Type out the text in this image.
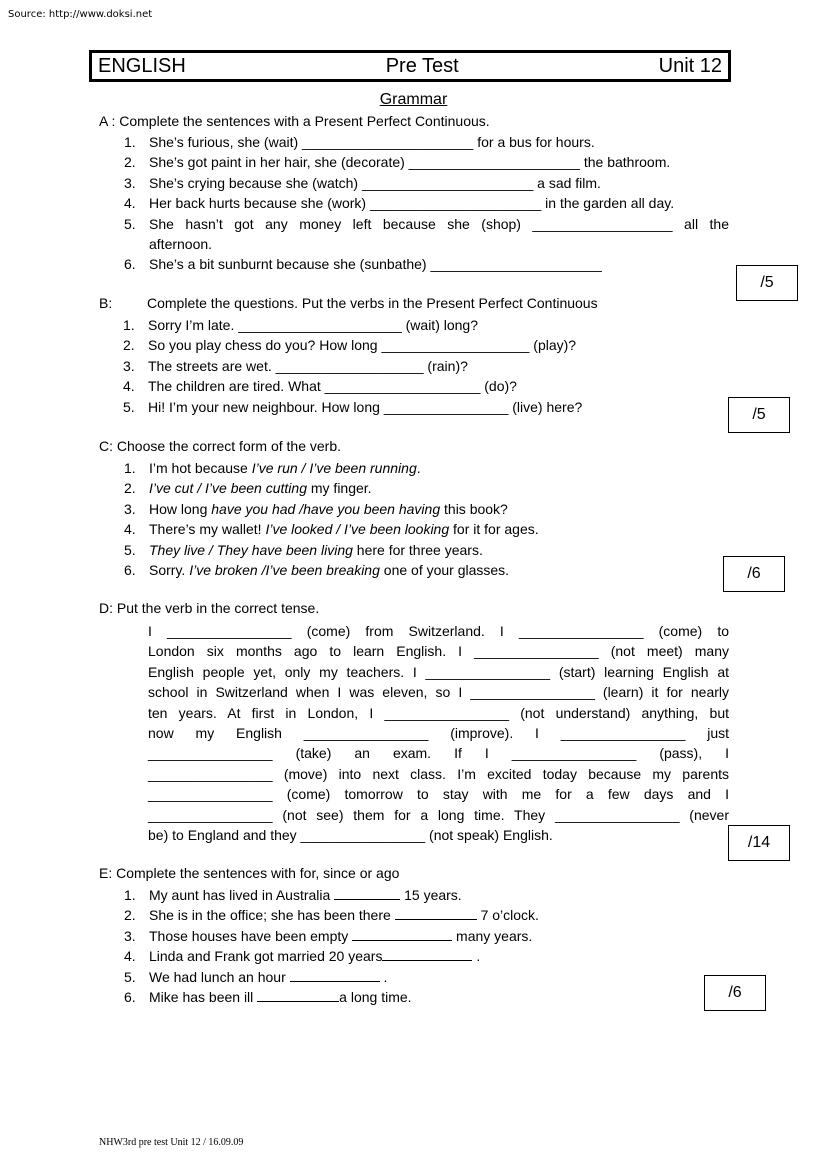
Source: http://www.doksi.net
ENGLISH	Pre Test	Unit 12
Grammar
A : Complete the sentences with a Present Perfect Continuous.
1. She’s furious, she (wait) ______________________ for a bus for hours.
2. She’s got paint in her hair, she (decorate) ______________________ the bathroom.
3. She’s crying because she (watch) ______________________ a sad film.
4. Her back hurts because she (work) ______________________ in the garden all day.
5. She hasn’t got any money left because she (shop) __________________ all the
afternoon.
6. She’s a bit sunburnt because she (sunbathe) ______________________
/5
B: Complete the questions. Put the verbs in the Present Perfect Continuous
1. Sorry I’m late. _____________________ (wait) long?
2. So you play chess do you? How long ___________________ (play)?
3. The streets are wet. ___________________ (rain)?
4. The children are tired. What ____________________ (do)?
5. Hi! I’m your new neighbour. How long ________________ (live) here?	/5
C: Choose the correct form of the verb.
1. I’m hot because I’ve run / I’ve been running.
2. I’ve cut / I’ve been cutting my finger.
3. How long have you had /have you been having this book?
4. There’s my wallet! I’ve looked / I’ve been looking for it for ages.
5. They live / They have been living here for three years.
6. Sorry. I’ve broken /I’ve been breaking one of your glasses.	/6
D: Put the verb in the correct tense.
I ________________ (come) from Switzerland. I ________________ (come) to
London six months ago to learn English. I ________________ (not meet) many
English people yet, only my teachers. I ________________ (start) learning English at
school in Switzerland when I was eleven, so I ________________ (learn) it for nearly
ten years. At first in London, I ________________ (not understand) anything, but
now my English ________________ (improve). I ________________ just
________________ (take) an exam. If I ________________ (pass), I
________________ (move) into next class. I’m excited today because my parents
________________ (come) tomorrow to stay with me for a few days and I
________________ (not see) them for a long time. They ________________ (never
be) to England and they ________________ (not speak) English.	/14
E: Complete the sentences with for, since or ago
1. My aunt has lived in Australia	15 years.
2. She is in the office; she has been there	7 o’clock.
3. Those houses have been empty	many years.
4. Linda and Frank got married 20 years	.
5. We had lunch an hour	.
6. Mike has been ill	a long time.	/6
NHW3rd pre test Unit 12 / 16.09.09
